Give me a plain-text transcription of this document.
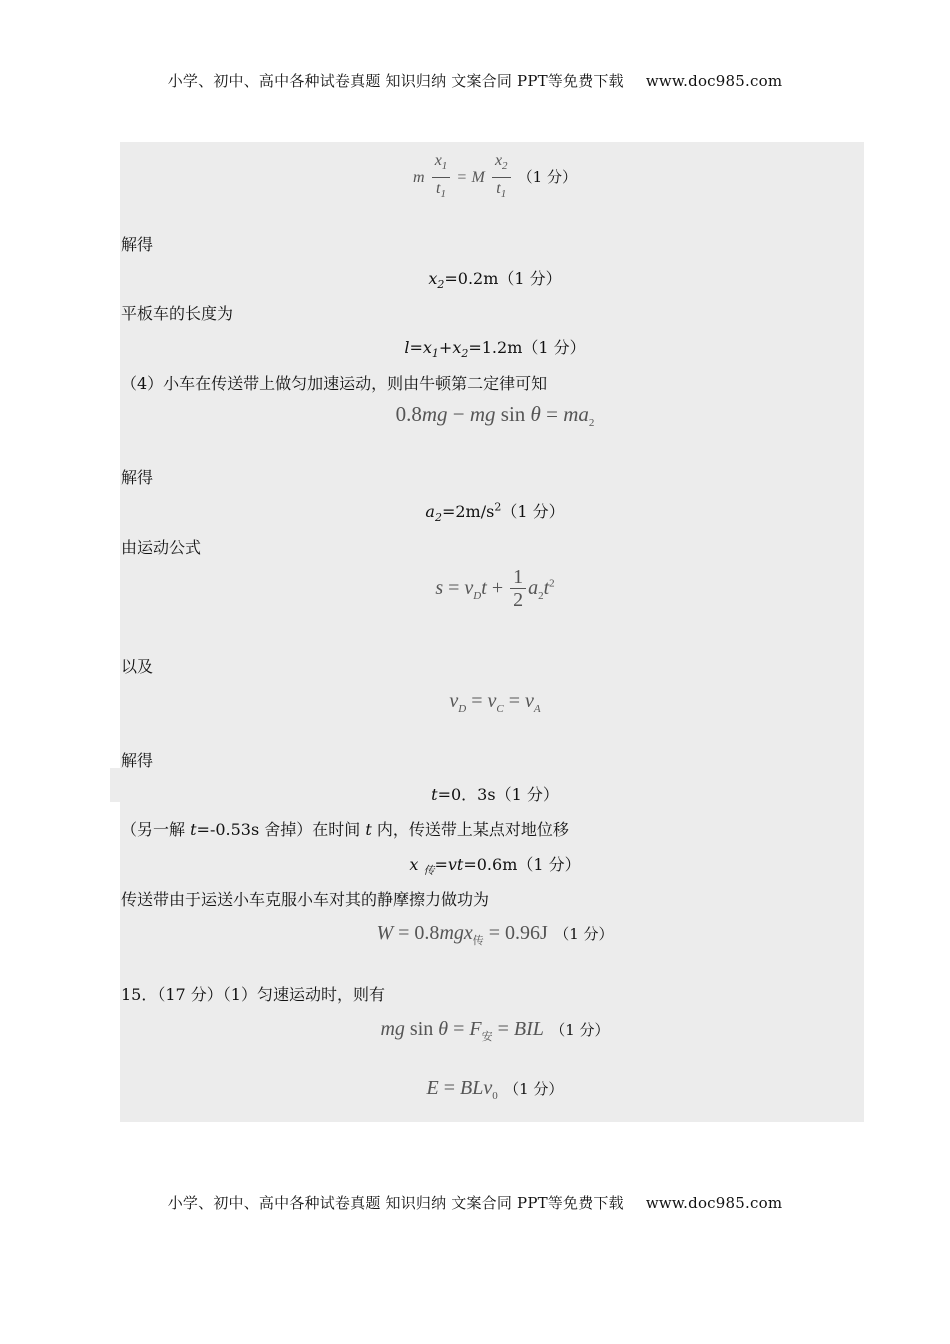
小学、初中、高中各种试卷真题 知识归纳 文案合同 PPT等免费下载 www.doc985.com
m $\frac{x_1}{t_1} = M \frac{x_2}{t_1} (1$ 分）
解得
$x_2=0.2m(1$ 分）
平板车的长度为
$l=x_1+x_2=1.2m(1$ 分）
（4）小车在传送带上做匀加速运动，则由牛顿第二定律可知
0.8mg − mg $\sin \theta = ma_2$
解得
$a_2=2m/s^2(1$ 分）
由运动公式
$s = v_Dt + \frac{1}{2} a_2t^2$
以及
$v_D = v_C = v_A$
解得
t=0．3s（1 分）
（另一解 t=-0.53s 舍掉）在时间 t 内，传送带上某点对地位移
x $_传$=vt=0.6m（1 分）
传送带由于运送小车克服小车对其的静摩擦力做功为
W = 0.8mgx$_传$ = 0.96J （1 分）
15．（17 分）（1）匀速运动时，则有
mg $\sin \theta = F_安$ = BIL （1 分）
E = BLv$_0$ （1 分）
小学、初中、高中各种试卷真题 知识归纳 文案合同 PPT等免费下载 www.doc985.com
